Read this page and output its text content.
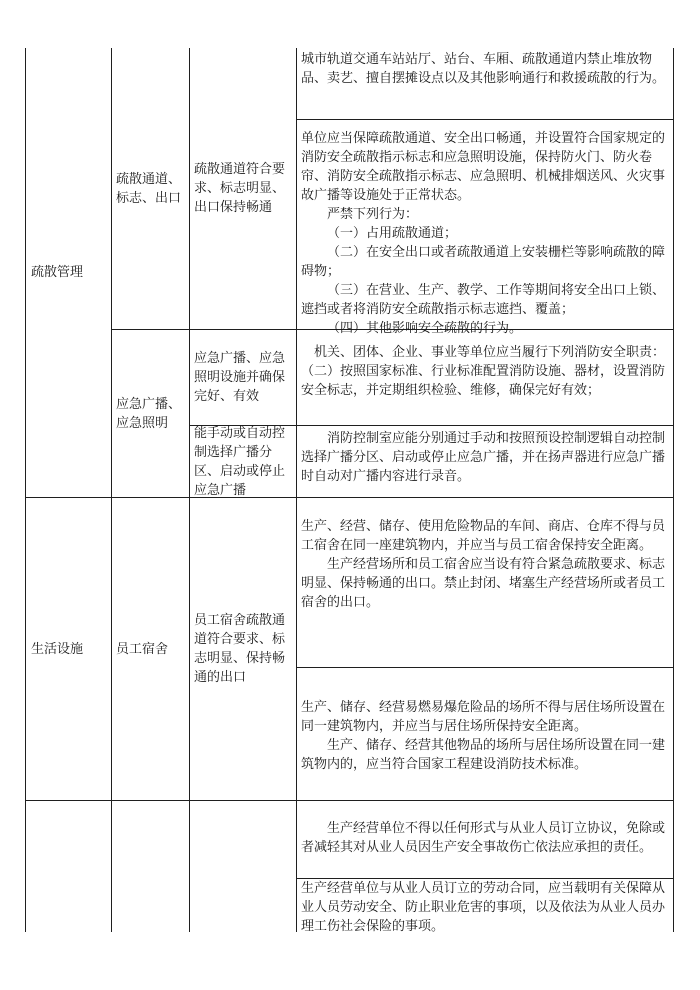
疏散管理
疏散通道、标志、出口
疏散通道符合要求、标志明显、出口保持畅通

城市轨道交通车站站厅、站台、车厢、疏散通道内禁止堆放物品、卖艺、擅自摆摊设点以及其他影响通行和救援疏散的行为。

单位应当保障疏散通道、安全出口畅通，并设置符合国家规定的消防安全疏散指示标志和应急照明设施，保持防火门、防火卷帘、消防安全疏散指示标志、应急照明、机械排烟送风、火灾事故广播等设施处于正常状态。

严禁下列行为：

（一）占用疏散通道；

（二）在安全出口或者疏散通道上安装栅栏等影响疏散的障碍物；

（三）在营业、生产、教学、工作等期间将安全出口上锁、遮挡或者将消防安全疏散指示标志遮挡、覆盖；

（四）其他影响安全疏散的行为。

应急广播、应急照明
应急广播、应急照明设施并确保完好、有效

机关、团体、企业、事业等单位应当履行下列消防安全职责：

（二）按照国家标准、行业标准配置消防设施、器材，设置消防安全标志，并定期组织检验、维修，确保完好有效；

能手动或自动控制选择广播分区、启动或停止应急广播

消防控制室应能分别通过手动和按照预设控制逻辑自动控制选择广播分区、启动或停止应急广播，并在扬声器进行应急广播时自动对广播内容进行录音。

生活设施	员工宿舍
员工宿舍疏散通道符合要求、标志明显、保持畅通的出口

生产、经营、储存、使用危险物品的车间、商店、仓库不得与员工宿舍在同一座建筑物内，并应当与员工宿舍保持安全距离。

生产经营场所和员工宿舍应当设有符合紧急疏散要求、标志明显、保持畅通的出口。禁止封闭、堵塞生产经营场所或者员工宿舍的出口。

生产、储存、经营易燃易爆危险品的场所不得与居住场所设置在同一建筑物内，并应当与居住场所保持安全距离。

生产、储存、经营其他物品的场所与居住场所设置在同一建筑物内的，应当符合国家工程建设消防技术标准。

生产经营单位不得以任何形式与从业人员订立协议，免除或者减轻其对从业人员因生产安全事故伤亡依法应承担的责任。

生产经营单位与从业人员订立的劳动合同，应当载明有关保障从业人员劳动安全、防止职业危害的事项，以及依法为从业人员办理工伤社会保险的事项。
